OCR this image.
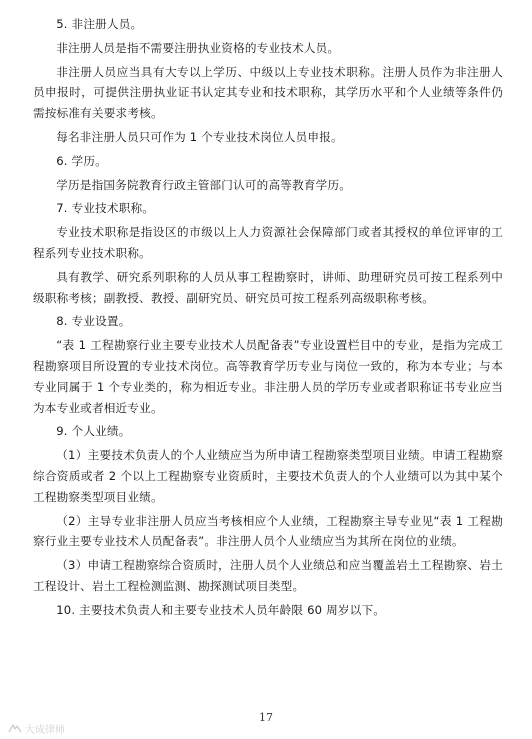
5. 非注册人员。

非注册人员是指不需要注册执业资格的专业技术人员。

非注册人员应当具有大专以上学历、中级以上专业技术职称。注册人员作为非注册人员申报时，可提供注册执业证书认定其专业和技术职称，其学历水平和个人业绩等条件仍需按标准有关要求考核。

每名非注册人员只可作为 1 个专业技术岗位人员申报。

6. 学历。

学历是指国务院教育行政主管部门认可的高等教育学历。

7. 专业技术职称。

专业技术职称是指设区的市级以上人力资源社会保障部门或者其授权的单位评审的工程系列专业技术职称。

具有教学、研究系列职称的人员从事工程勘察时，讲师、助理研究员可按工程系列中级职称考核；副教授、教授、副研究员、研究员可按工程系列高级职称考核。

8. 专业设置。

“表 1 工程勘察行业主要专业技术人员配备表”专业设置栏目中的专业，是指为完成工程勘察项目所设置的专业技术岗位。高等教育学历专业与岗位一致的，称为本专业；与本专业同属于 1 个专业类的，称为相近专业。非注册人员的学历专业或者职称证书专业应当为本专业或者相近专业。

9. 个人业绩。

（1）主要技术负责人的个人业绩应当为所申请工程勘察类型项目业绩。申请工程勘察综合资质或者 2 个以上工程勘察专业资质时，主要技术负责人的个人业绩可以为其中某个工程勘察类型项目业绩。

（2）主导专业非注册人员应当考核相应个人业绩，工程勘察主导专业见“表 1 工程勘察行业主要专业技术人员配备表”。非注册人员个人业绩应当为其所在岗位的业绩。

（3）申请工程勘察综合资质时，注册人员个人业绩总和应当覆盖岩土工程勘察、岩土工程设计、岩土工程检测监测、勘探测试项目类型。

10. 主要技术负责人和主要专业技术人员年龄限 60 周岁以下。

17
大成律师
